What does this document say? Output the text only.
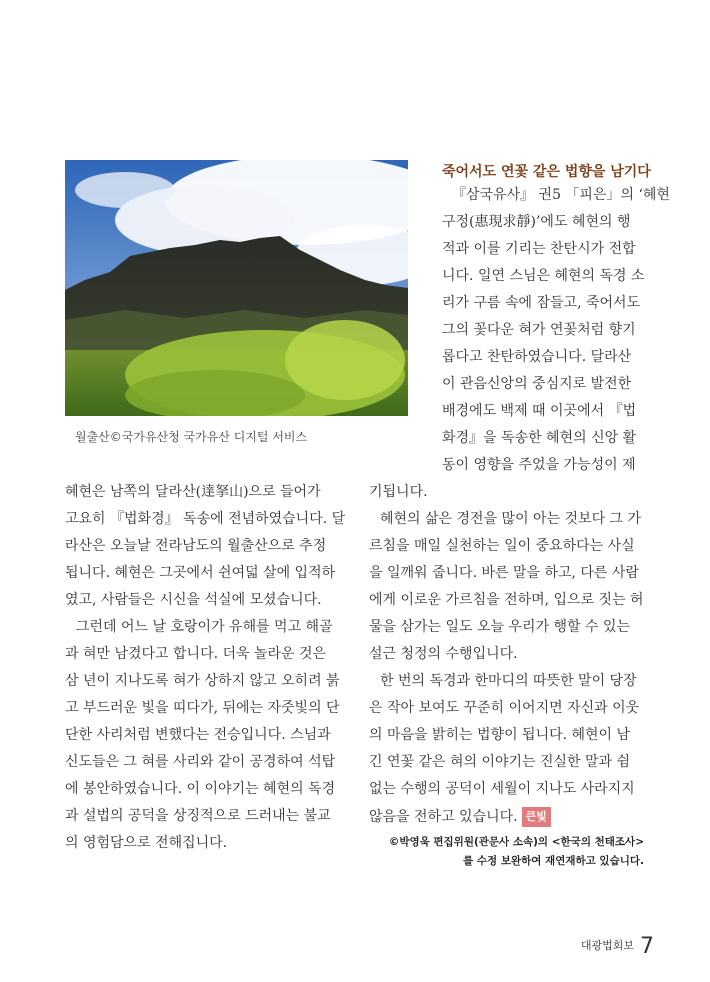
월출산©국가유산청 국가유산 디지털 서비스
죽어서도 연꽃 같은 법향을 남기다
『삼국유사』 권5 「피은」의 ‘혜현
구정(惠現求靜)’에도 혜현의 행
적과 이를 기리는 찬탄시가 전합
니다. 일연 스님은 혜현의 독경 소
리가 구름 속에 잠들고, 죽어서도
그의 꽃다운 혀가 연꽃처럼 향기
롭다고 찬탄하였습니다. 달라산
이 관음신앙의 중심지로 발전한
배경에도 백제 때 이곳에서 『법
화경』을 독송한 혜현의 신앙 활
동이 영향을 주었을 가능성이 제
기됩니다.
혜현의 삶은 경전을 많이 아는 것보다 그 가
르침을 매일 실천하는 일이 중요하다는 사실
을 일깨워 줍니다. 바른 말을 하고, 다른 사람
에게 이로운 가르침을 전하며, 입으로 짓는 허
물을 삼가는 일도 오늘 우리가 행할 수 있는
설근 청정의 수행입니다.
한 번의 독경과 한마디의 따뜻한 말이 당장
은 작아 보여도 꾸준히 이어지면 자신과 이웃
의 마음을 밝히는 법향이 됩니다. 혜현이 남
긴 연꽃 같은 혀의 이야기는 진실한 말과 쉼
없는 수행의 공덕이 세월이 지나도 사라지지
않음을 전하고 있습니다. 큰빛
혜현은 남쪽의 달라산(達拏山)으로 들어가
고요히 『법화경』 독송에 전념하였습니다. 달
라산은 오늘날 전라남도의 월출산으로 추정
됩니다. 혜현은 그곳에서 쉰여덟 살에 입적하
였고, 사람들은 시신을 석실에 모셨습니다.
그런데 어느 날 호랑이가 유해를 먹고 해골
과 혀만 남겼다고 합니다. 더욱 놀라운 것은
삼 년이 지나도록 혀가 상하지 않고 오히려 붉
고 부드러운 빛을 띠다가, 뒤에는 자줏빛의 단
단한 사리처럼 변했다는 전승입니다. 스님과
신도들은 그 혀를 사리와 같이 공경하여 석탑
에 봉안하였습니다. 이 이야기는 혜현의 독경
과 설법의 공덕을 상징적으로 드러내는 불교
의 영험담으로 전해집니다.	©박영욱 편집위원(관문사 소속)의 <한국의 천태조사>
를 수정 보완하여 재연재하고 있습니다.
$^{대광법회보}$ 7
